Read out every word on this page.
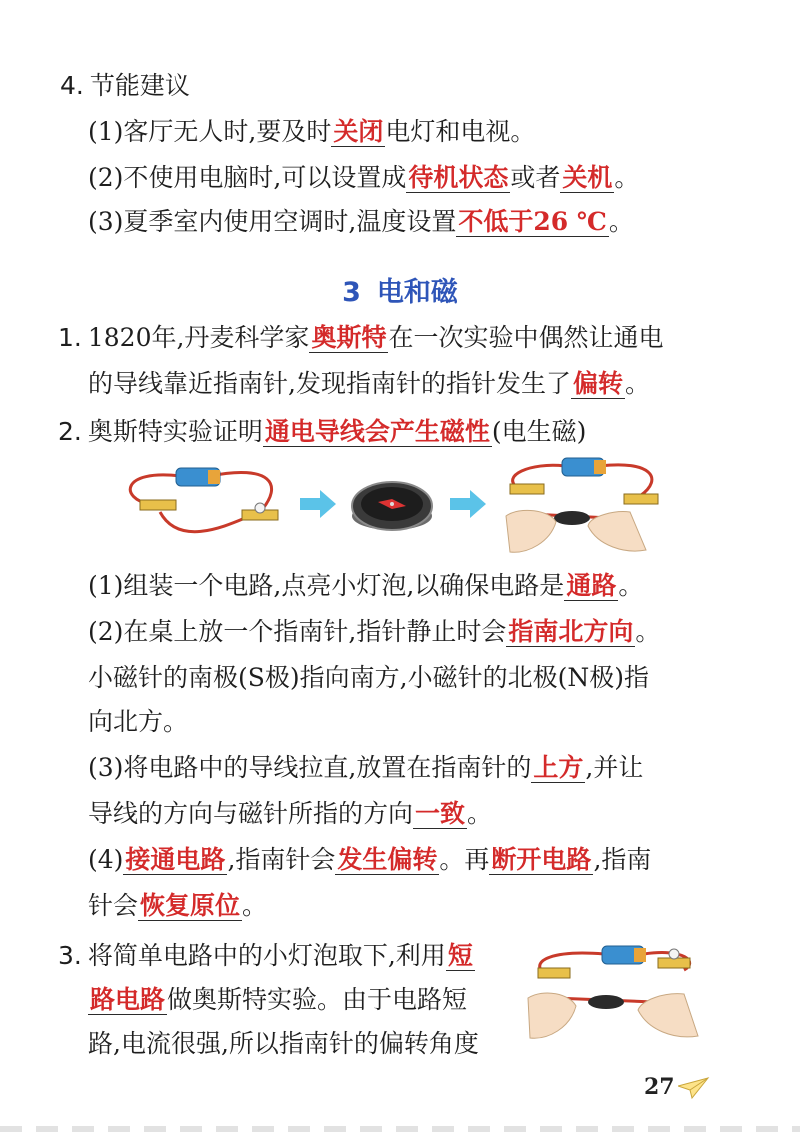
4. 节能建议
(1)客厅无人时,要及时关闭电灯和电视。
(2)不使用电脑时,可以设置成待机状态或者关机。
(3)夏季室内使用空调时,温度设置不低于26 ℃。
3 电和磁
1. 1820年,丹麦科学家奥斯特在一次实验中偶然让通电
的导线靠近指南针,发现指南针的指针发生了偏转。
2. 奥斯特实验证明通电导线会产生磁性(电生磁)
(1)组装一个电路,点亮小灯泡,以确保电路是通路。
(2)在桌上放一个指南针,指针静止时会指南北方向。
小磁针的南极(S极)指向南方,小磁针的北极(N极)指
向北方。
(3)将电路中的导线拉直,放置在指南针的上方,并让
导线的方向与磁针所指的方向一致。
(4)接通电路,指南针会发生偏转。再断开电路,指南
针会恢复原位。
3. 将简单电路中的小灯泡取下,利用短
路电路做奥斯特实验。由于电路短
路,电流很强,所以指南针的偏转角度
27
